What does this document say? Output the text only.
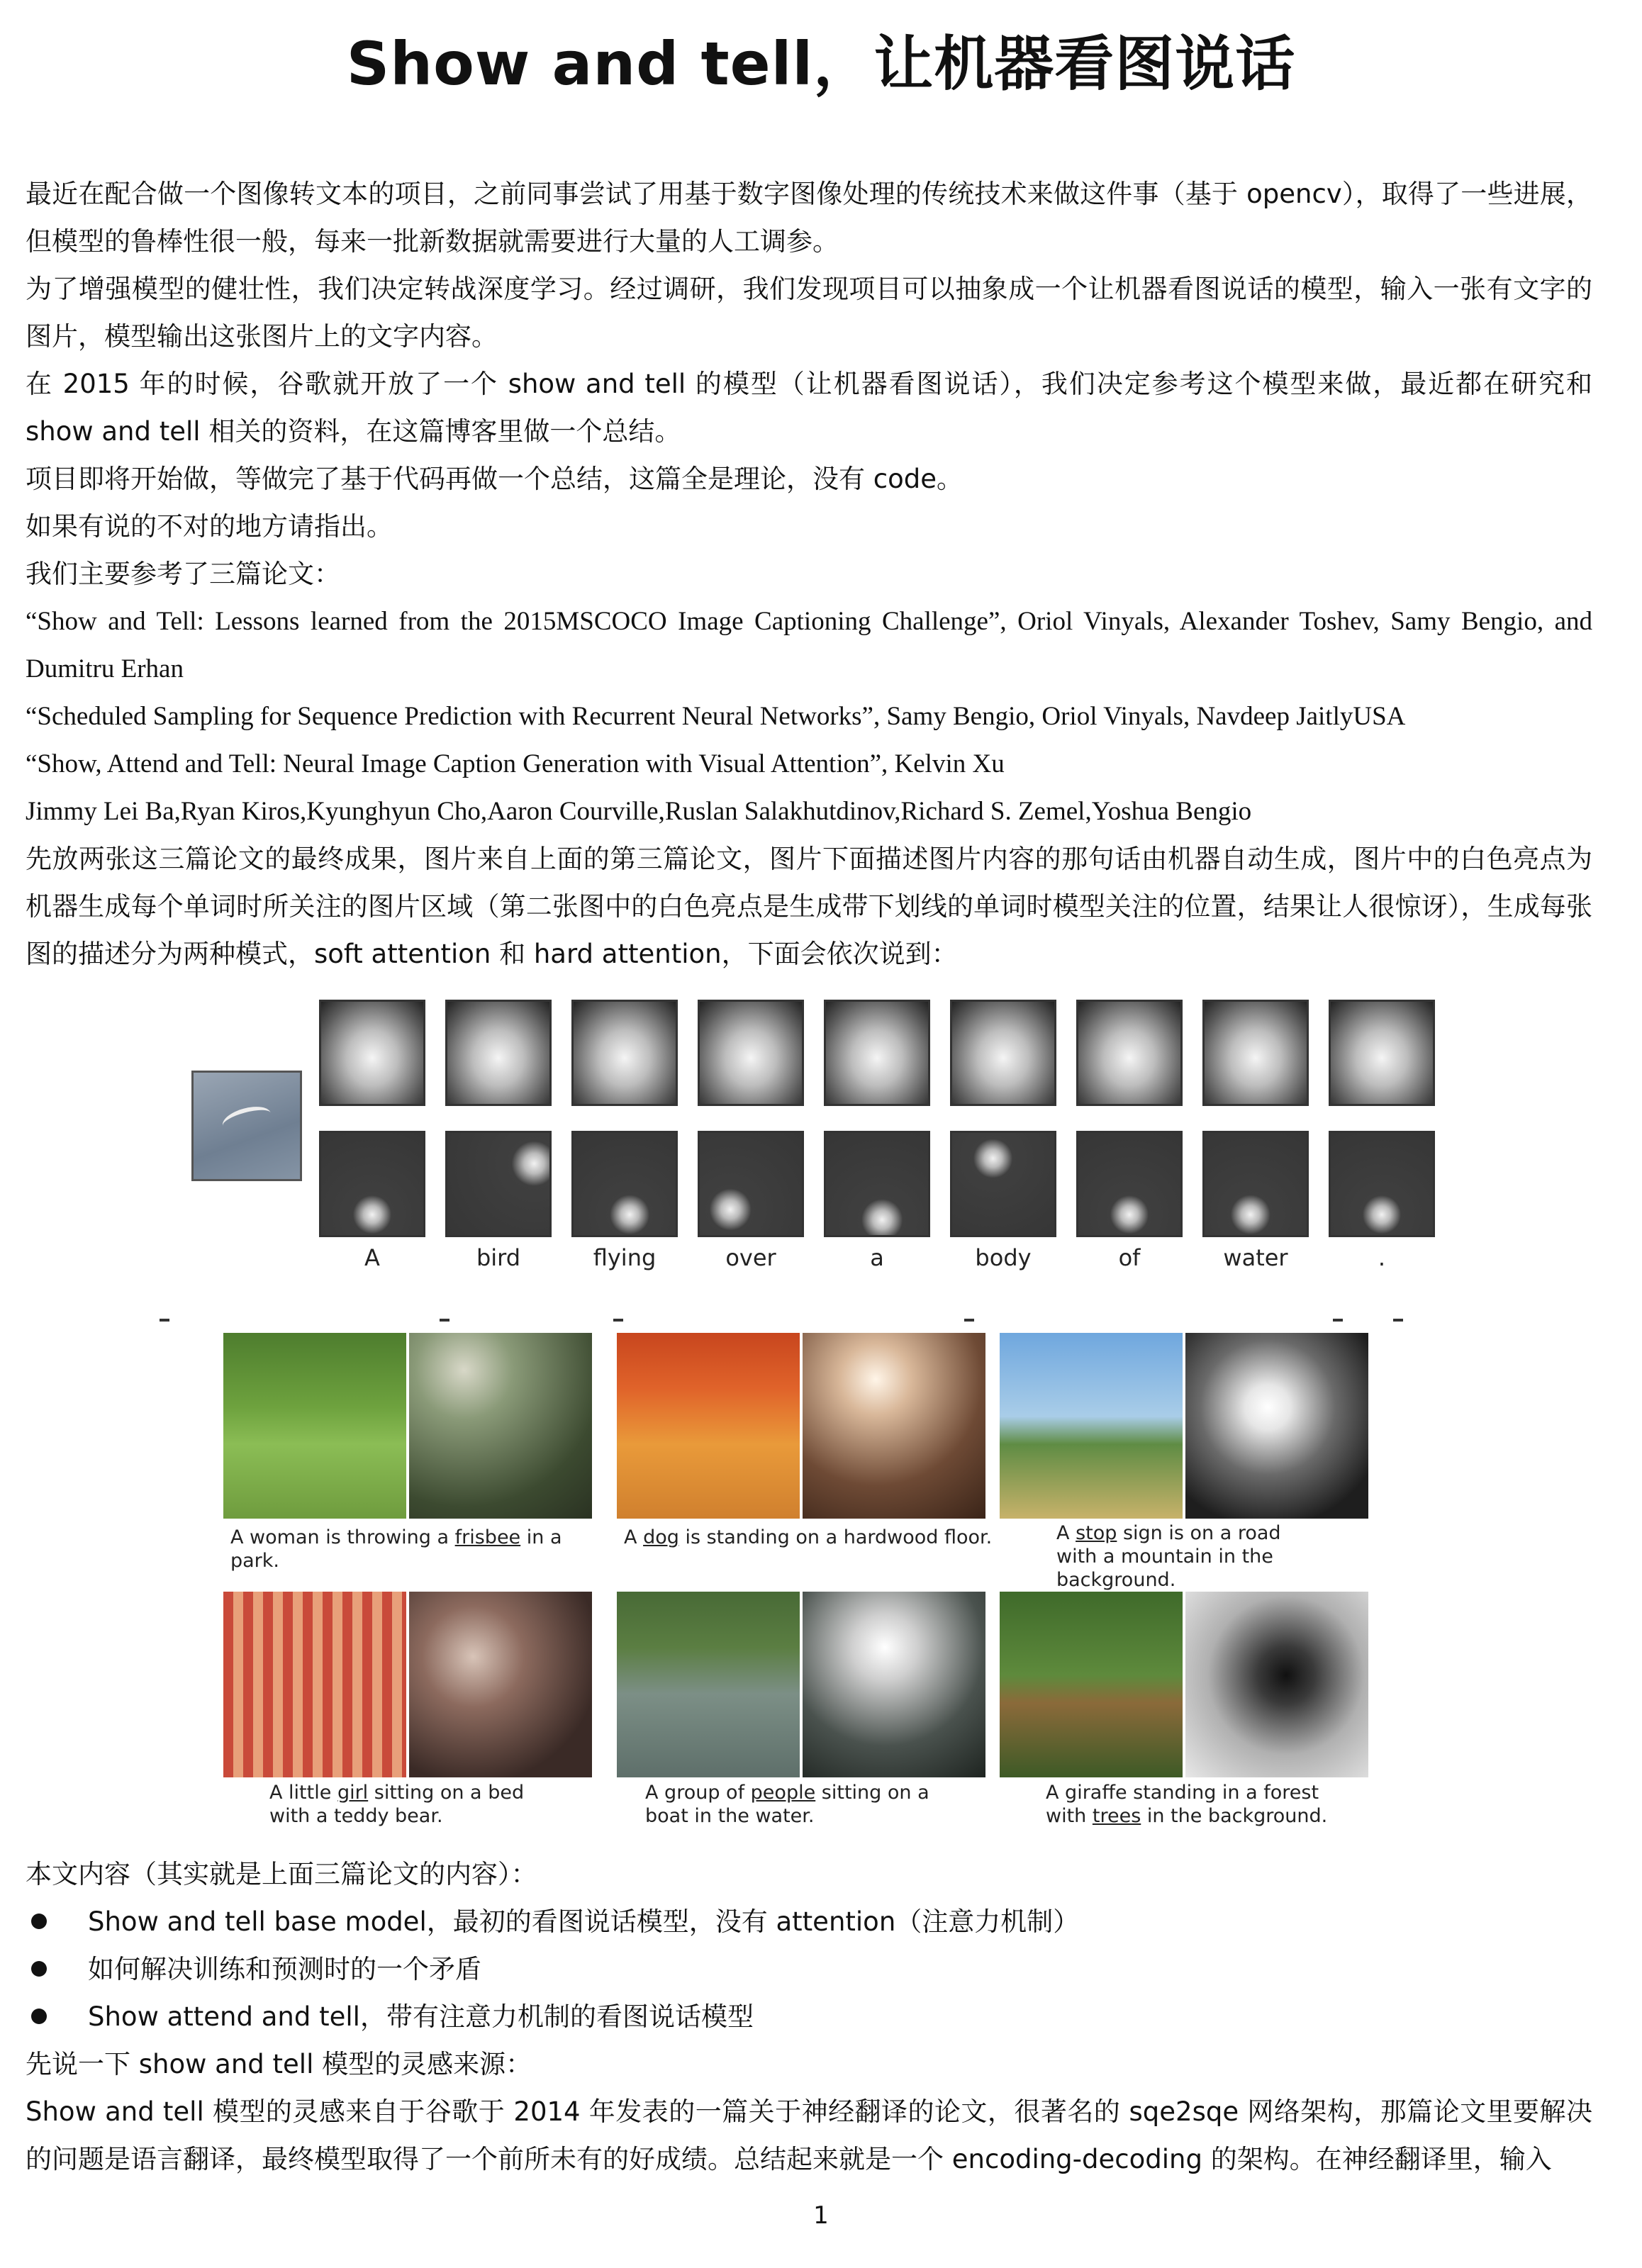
Show and tell，让机器看图说话

最近在配合做一个图像转文本的项目，之前同事尝试了用基于数字图像处理的传统技术来做这件事（基于 opencv），取得了一些进展，但模型的鲁棒性很一般，每来一批新数据就需要进行大量的人工调参。

为了增强模型的健壮性，我们决定转战深度学习。经过调研，我们发现项目可以抽象成一个让机器看图说话的模型，输入一张有文字的图片，模型输出这张图片上的文字内容。

在 2015 年的时候，谷歌就开放了一个 show and tell 的模型（让机器看图说话），我们决定参考这个模型来做，最近都在研究和 show and tell 相关的资料，在这篇博客里做一个总结。

项目即将开始做，等做完了基于代码再做一个总结，这篇全是理论，没有 code。

如果有说的不对的地方请指出。

我们主要参考了三篇论文：

“Show and Tell: Lessons learned from the 2015MSCOCO Image Captioning Challenge”, Oriol Vinyals, Alexander Toshev, Samy Bengio, and Dumitru Erhan

“Scheduled Sampling for Sequence Prediction with Recurrent Neural Networks”, Samy Bengio, Oriol Vinyals, Navdeep JaitlyUSA

“Show, Attend and Tell: Neural Image Caption Generation with Visual Attention”, Kelvin Xu

Jimmy Lei Ba,Ryan Kiros,Kyunghyun Cho,Aaron Courville,Ruslan Salakhutdinov,Richard S. Zemel,Yoshua Bengio

先放两张这三篇论文的最终成果，图片来自上面的第三篇论文，图片下面描述图片内容的那句话由机器自动生成，图片中的白色亮点为机器生成每个单词时所关注的图片区域（第二张图中的白色亮点是生成带下划线的单词时模型关注的位置，结果让人很惊讶），生成每张图的描述分为两种模式，soft attention 和 hard attention，下面会依次说到：

A	bird	flying	over	a	body	of	water	.
A woman is throwing a frisbee in a park.
A dog is standing on a hardwood floor.	A stop sign is on a road with a mountain in the background.
A little girl sitting on a bed with a teddy bear.
A group of people sitting on a boat in the water.
A giraffe standing in a forest with trees in the background.

本文内容（其实就是上面三篇论文的内容）：

Show and tell base model，最初的看图说话模型，没有 attention（注意力机制）
如何解决训练和预测时的一个矛盾
Show attend and tell，带有注意力机制的看图说话模型

先说一下 show and tell 模型的灵感来源：

Show and tell 模型的灵感来自于谷歌于 2014 年发表的一篇关于神经翻译的论文，很著名的 sqe2sqe 网络架构，那篇论文里要解决的问题是语言翻译，最终模型取得了一个前所未有的好成绩。总结起来就是一个 encoding-decoding 的架构。在神经翻译里，输入

1
